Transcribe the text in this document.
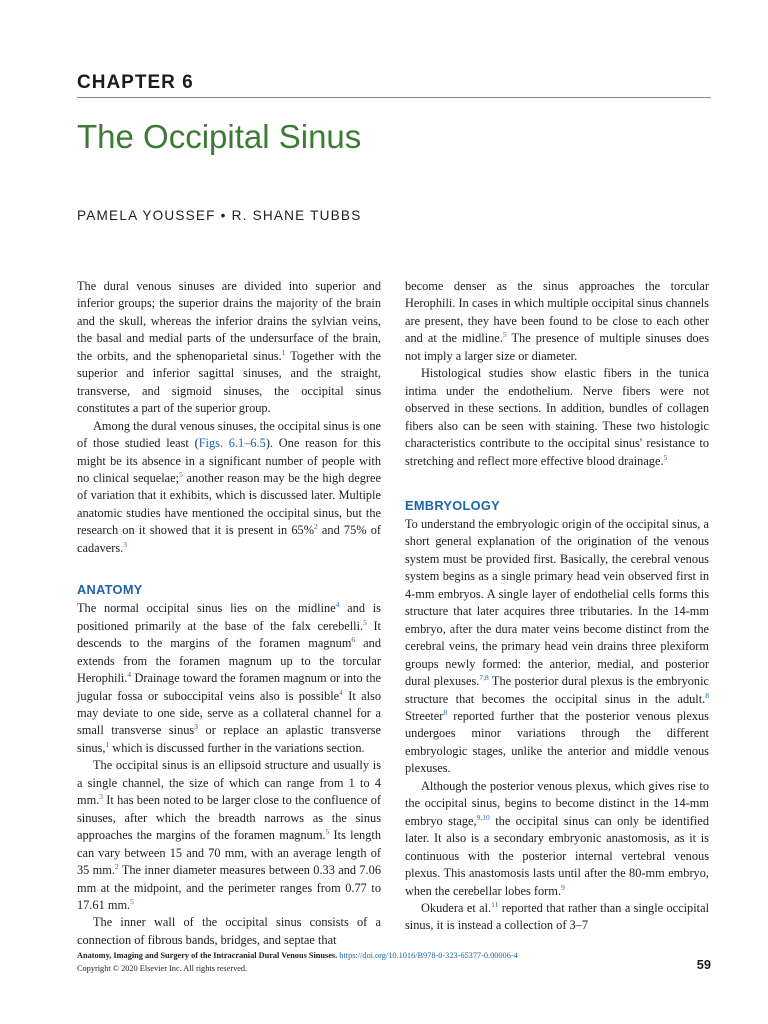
CHAPTER 6
The Occipital Sinus
PAMELA YOUSSEF • R. SHANE TUBBS

The dural venous sinuses are divided into superior and inferior groups; the superior drains the majority of the brain and the skull, whereas the inferior drains the sylvian veins, the basal and medial parts of the undersurface of the brain, the orbits, and the sphenoparietal sinus.$^1$ Together with the superior and inferior sagittal sinuses, and the straight, transverse, and sigmoid sinuses, the occipital sinus constitutes a part of the superior group.

Among the dural venous sinuses, the occipital sinus is one of those studied least (Figs. 6.1–6.5). One reason for this might be its absence in a significant number of people with no clinical sequelae;$^5$ another reason may be the high degree of variation that it exhibits, which is discussed later. Multiple anatomic studies have mentioned the occipital sinus, but the research on it showed that it is present in 65%$^2$ and 75% of cadavers.$^3$

ANATOMY

The normal occipital sinus lies on the midline$^4$ and is positioned primarily at the base of the falx cerebelli.$^5$ It descends to the margins of the foramen magnum$^6$ and extends from the foramen magnum up to the torcular Herophili.$^4$ Drainage toward the foramen magnum or into the jugular fossa or suboccipital veins also is possible$^4$ It also may deviate to one side, serve as a collateral channel for a small transverse sinus$^3$ or replace an aplastic transverse sinus,$^1$ which is discussed further in the variations section.

The occipital sinus is an ellipsoid structure and usually is a single channel, the size of which can range from 1 to 4 mm.$^3$ It has been noted to be larger close to the confluence of sinuses, after which the breadth narrows as the sinus approaches the margins of the foramen magnum.$^5$ Its length can vary between 15 and 70 mm, with an average length of 35 mm.$^2$ The inner diameter measures between 0.33 and 7.06 mm at the midpoint, and the perimeter ranges from 0.77 to 17.61 mm.$^5$

The inner wall of the occipital sinus consists of a connection of fibrous bands, bridges, and septae that

become denser as the sinus approaches the torcular Herophili. In cases in which multiple occipital sinus channels are present, they have been found to be close to each other and at the midline.$^5$ The presence of multiple sinuses does not imply a larger size or diameter.

Histological studies show elastic fibers in the tunica intima under the endothelium. Nerve fibers were not observed in these sections. In addition, bundles of collagen fibers also can be seen with staining. These two histologic characteristics contribute to the occipital sinus' resistance to stretching and reflect more effective blood drainage.$^5$

EMBRYOLOGY

To understand the embryologic origin of the occipital sinus, a short general explanation of the origination of the venous system must be provided first. Basically, the cerebral venous system begins as a single primary head vein observed first in 4-mm embryos. A single layer of endothelial cells forms this structure that later acquires three tributaries. In the 14-mm embryo, after the dura mater veins become distinct from the cerebral veins, the primary head vein drains three plexiform groups newly formed: the anterior, medial, and posterior dural plexuses.$^{7,8}$ The posterior dural plexus is the embryonic structure that becomes the occipital sinus in the adult.$^8$ Streeter$^8$ reported further that the posterior venous plexus undergoes minor variations through the different embryologic stages, unlike the anterior and middle venous plexuses.

Although the posterior venous plexus, which gives rise to the occipital sinus, begins to become distinct in the 14-mm embryo stage,$^{9,10}$ the occipital sinus can only be identified later. It also is a secondary embryonic anastomosis, as it is continuous with the posterior internal vertebral venous plexus. This anastomosis lasts until after the 80-mm embryo, when the cerebellar lobes form.$^9$

Okudera et al.$^{11}$ reported that rather than a single occipital sinus, it is instead a collection of 3–7

Anatomy, Imaging and Surgery of the Intracranial Dural Venous Sinuses. https://doi.org/10.1016/B978-0-323-65377-0.00006-4
Copyright © 2020 Elsevier Inc. All rights reserved.	59
